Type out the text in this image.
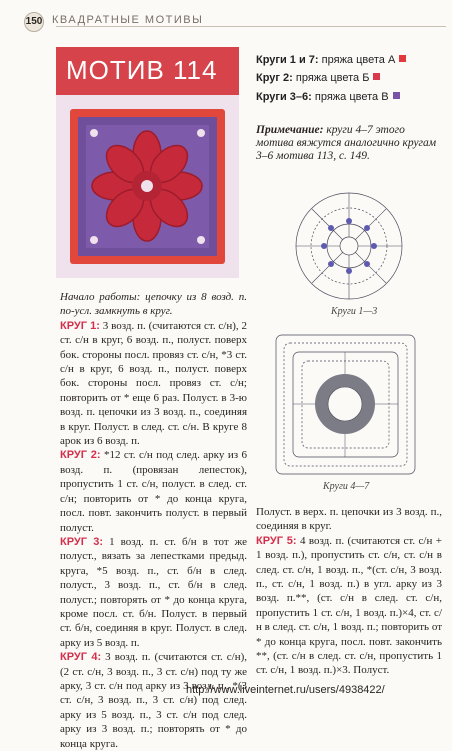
150 КВАДРАТНЫЕ МОТИВЫ
МОТИВ 114	Круги 1 и 7: пряжа цвета А
Круг 2: пряжа цвета Б
Круги 3–6: пряжа цвета В
Примечание: круги 4–7 этого мотива вяжутся аналогично кругам 3–6 мотива 113, с. 149.
Круги 1—3
Круги 4—7

Начало работы: цепочку из 8 возд. п. по-усл. замкнуть в круг.

КРУГ 1: 3 возд. п. (считаются ст. с/н), 2 ст. с/н в круг, 6 возд. п., полуст. поверх бок. стороны посл. провяз ст. с/н, *3 ст. с/н в круг, 6 возд. п., полуст. поверх бок. стороны посл. провяз ст. с/н; повторить от * еще 6 раз. Полуст. в 3-ю возд. п. цепочки из 3 возд. п., соединяя в круг. Полуст. в след. ст. с/н. В круге 8 арок из 6 возд. п.

КРУГ 2: *12 ст. с/н под след. арку из 6 возд. п. (провязан лепесток), пропустить 1 ст. с/н, полуст. в след. ст. с/н; повторить от * до конца круга, посл. повт. закончить полуст. в первый полуст.

КРУГ 3: 1 возд. п. ст. б/н в тот же полуст., вязать за лепестками предыд. круга, *5 возд. п., ст. б/н в след. полуст., 3 возд. п., ст. б/н в след. полуст.; повторять от * до конца круга, кроме посл. ст. б/н. Полуст. в первый ст. б/н, соединяя в круг. Полуст. в след. арку из 5 возд. п.

КРУГ 4: 3 возд. п. (считаются ст. с/н), (2 ст. с/н, 3 возд. п., 3 ст. с/н) под ту же арку, 3 ст. с/н под арку из 3 возд. п., *(3 ст. с/н, 3 возд. п., 3 ст. с/н) под след. арку из 5 возд. п., 3 ст. с/н под след. арку из 3 возд. п.; повторять от * до конца круга.

Полуст. в верх. п. цепочки из 3 возд. п., соединяя в круг.

КРУГ 5: 4 возд. п. (считаются ст. с/н + 1 возд. п.), пропустить ст. с/н, ст. с/н в след. ст. с/н, 1 возд. п., *(ст. с/н, 3 возд. п., ст. с/н, 1 возд. п.) в угл. арку из 3 возд. п.**, (ст. с/н в след. ст. с/н, пропустить 1 ст. с/н, 1 возд. п.)×4, ст. с/н в след. ст. с/н, 1 возд. п.; повторить от * до конца круга, посл. повт. закончить **, (ст. с/н в след. ст. с/н, пропустить 1 ст. с/н, 1 возд. п.)×3. Полуст.

http://www.liveinternet.ru/users/4938422/
